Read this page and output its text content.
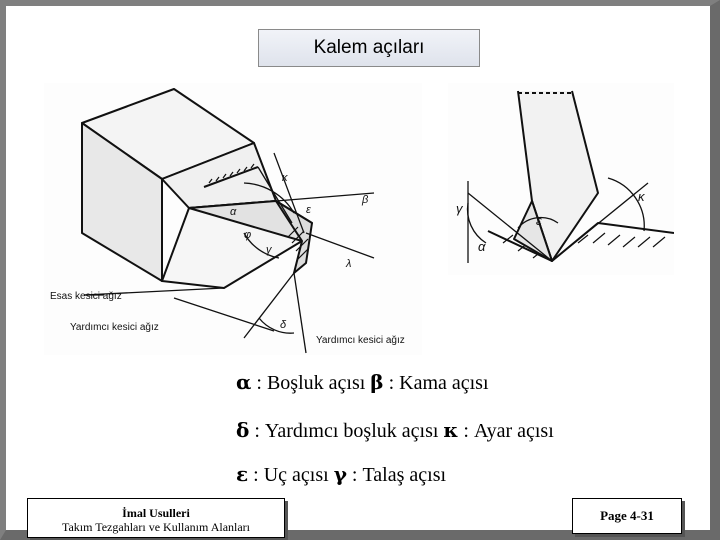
Kalem açıları
κ
ε
β
α
φ
γ
λ
δ
Esas kesici ağız
Yardımcı kesici ağız
Yardımcı kesici ağız
γ
κ
ε
α
α : Boşluk açısı β : Kama açısı
δ : Yardımcı boşluk açısı κ : Ayar açısı
ε : Uç açısı γ : Talaş açısı
İmal Usulleri
Takım Tezgahları ve Kullanım Alanları
Page 4-31
